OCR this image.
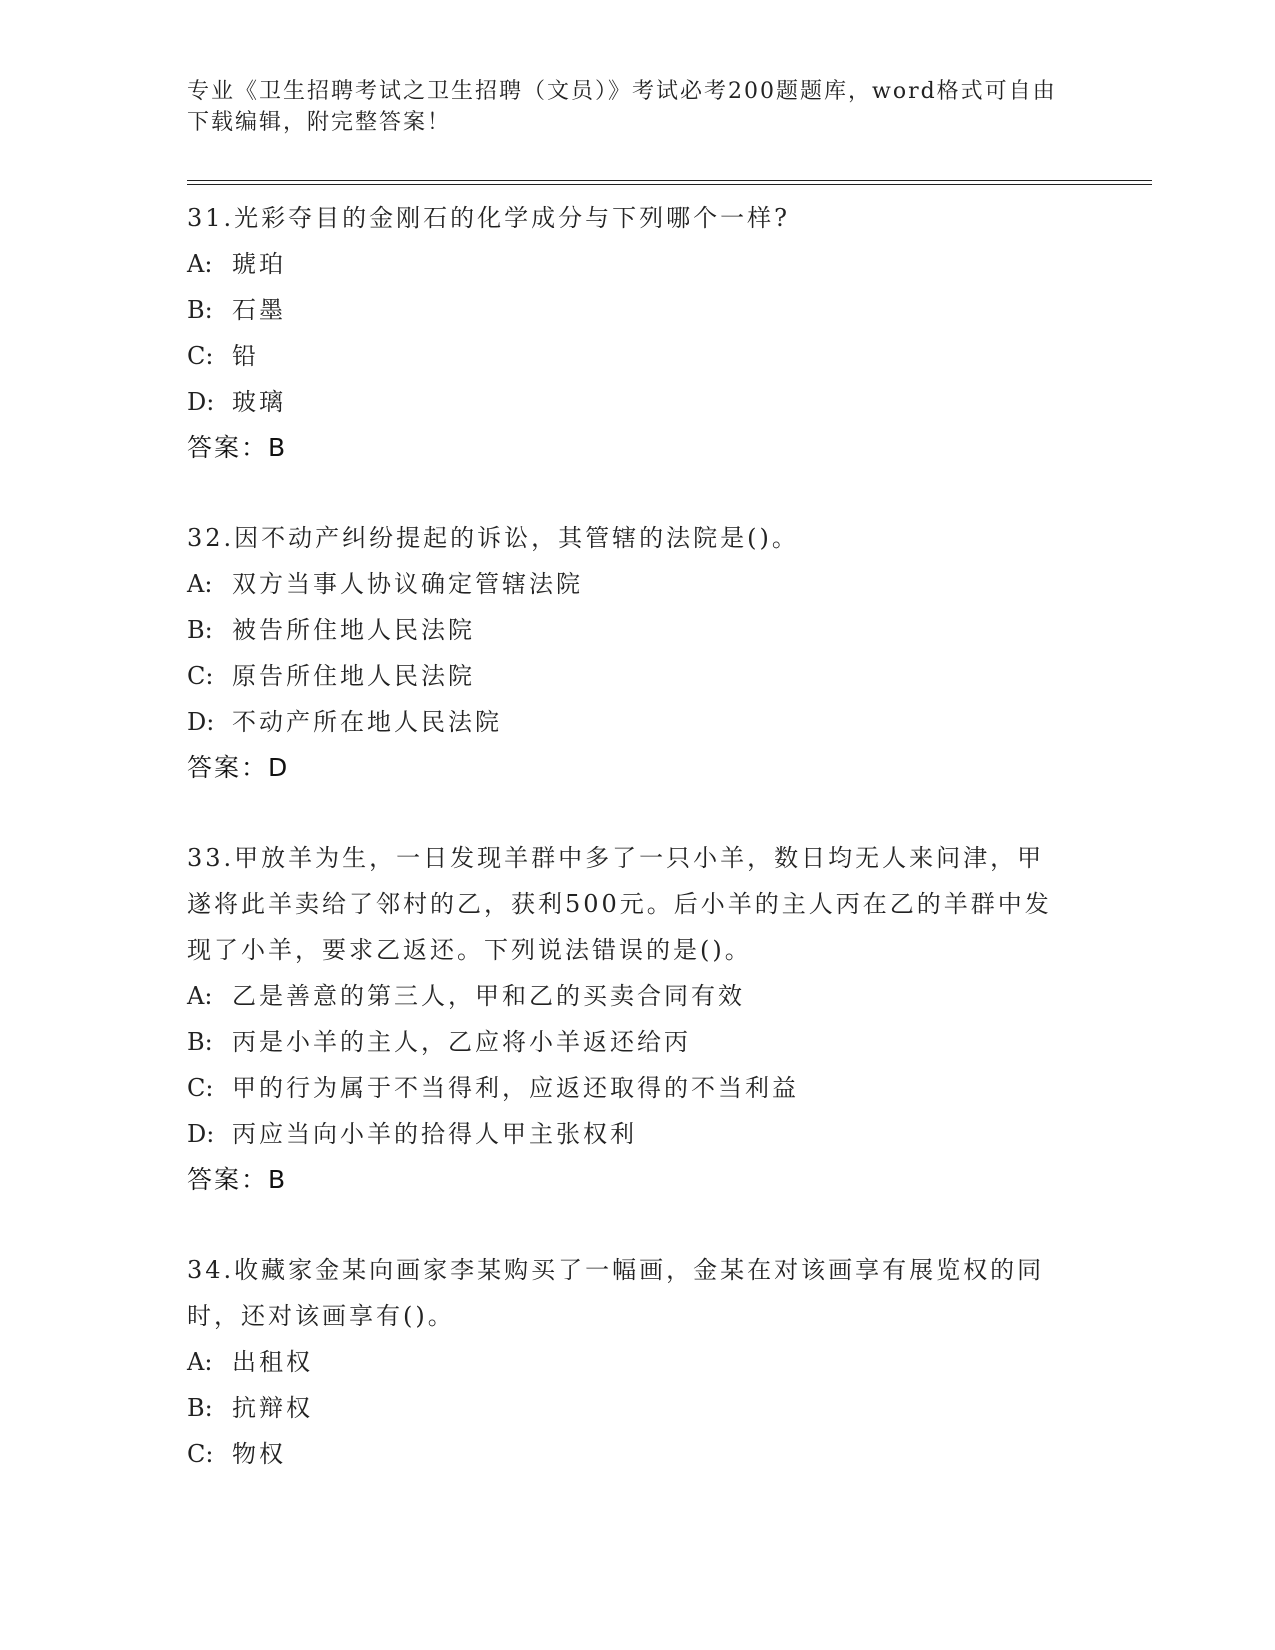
专业《卫生招聘考试之卫生招聘（文员）》考试必考200题题库，word格式可自由下载编辑，附完整答案！

31.光彩夺目的金刚石的化学成分与下列哪个一样?

A: 琥珀

B: 石墨

C: 铅

D: 玻璃

答案：B

32.因不动产纠纷提起的诉讼，其管辖的法院是()。

A: 双方当事人协议确定管辖法院

B: 被告所住地人民法院

C: 原告所住地人民法院

D: 不动产所在地人民法院

答案：D

33.甲放羊为生，一日发现羊群中多了一只小羊，数日均无人来问津，甲遂将此羊卖给了邻村的乙，获利500元。后小羊的主人丙在乙的羊群中发现了小羊，要求乙返还。下列说法错误的是()。

A: 乙是善意的第三人，甲和乙的买卖合同有效

B: 丙是小羊的主人，乙应将小羊返还给丙

C: 甲的行为属于不当得利，应返还取得的不当利益

D: 丙应当向小羊的拾得人甲主张权利

答案：B

34.收藏家金某向画家李某购买了一幅画，金某在对该画享有展览权的同时，还对该画享有()。

A: 出租权

B: 抗辩权

C: 物权
